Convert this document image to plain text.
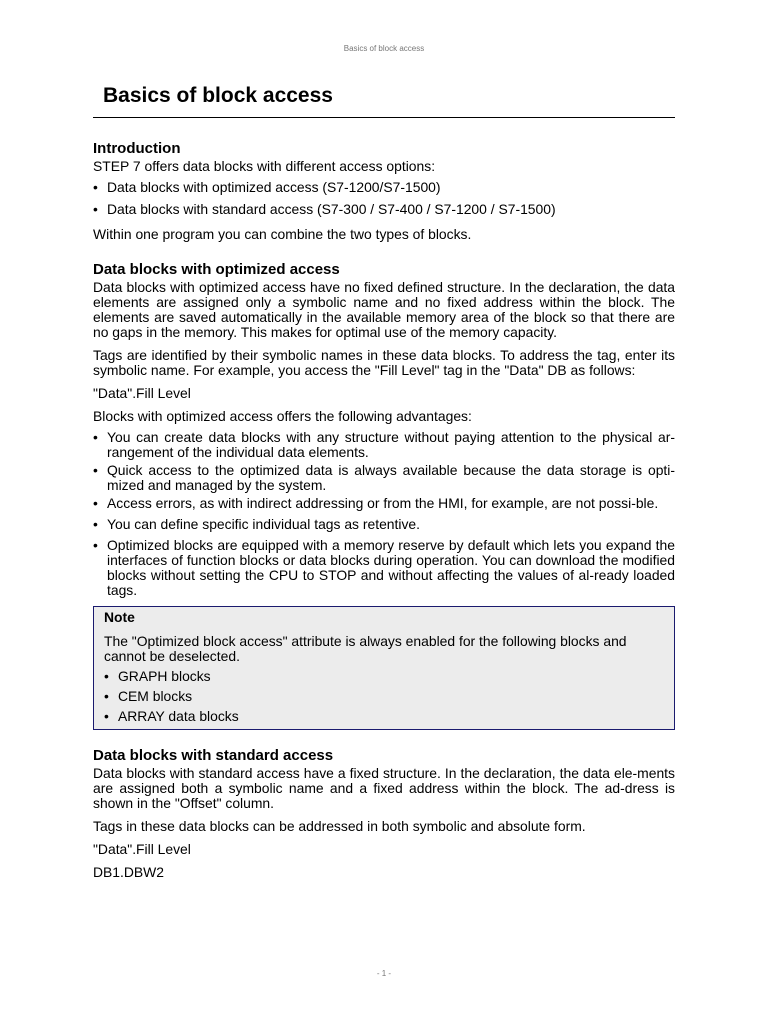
Basics of block access
Basics of block access
Introduction

STEP 7 offers data blocks with different access options:

• Data blocks with optimized access (S7-1200/S7-1500)
• Data blocks with standard access (S7-300 / S7-400 / S7-1200 / S7-1500)

Within one program you can combine the two types of blocks.

Data blocks with optimized access

Data blocks with optimized access have no fixed defined structure. In the declaration, the data elements are assigned only a symbolic name and no fixed address within the block. The elements are saved automatically in the available memory area of the block so that there are no gaps in the memory. This makes for optimal use of the memory capacity.

Tags are identified by their symbolic names in these data blocks. To address the tag, enter its symbolic name. For example, you access the "Fill Level" tag in the "Data" DB as follows:

"Data".Fill Level

Blocks with optimized access offers the following advantages:

• You can create data blocks with any structure without paying attention to the physical ar-rangement of the individual data elements.
• Quick access to the optimized data is always available because the data storage is opti-mized and managed by the system.
• Access errors, as with indirect addressing or from the HMI, for example, are not possi-ble.
• You can define specific individual tags as retentive.
• Optimized blocks are equipped with a memory reserve by default which lets you expand the interfaces of function blocks or data blocks during operation. You can download the modified blocks without setting the CPU to STOP and without affecting the values of al-ready loaded tags.

Note

The "Optimized block access" attribute is always enabled for the following blocks and cannot be deselected.

• GRAPH blocks
• CEM blocks
• ARRAY data blocks
Data blocks with standard access

Data blocks with standard access have a fixed structure. In the declaration, the data ele-ments are assigned both a symbolic name and a fixed address within the block. The ad-dress is shown in the "Offset" column.

Tags in these data blocks can be addressed in both symbolic and absolute form.

"Data".Fill Level

DB1.DBW2

- 1 -
